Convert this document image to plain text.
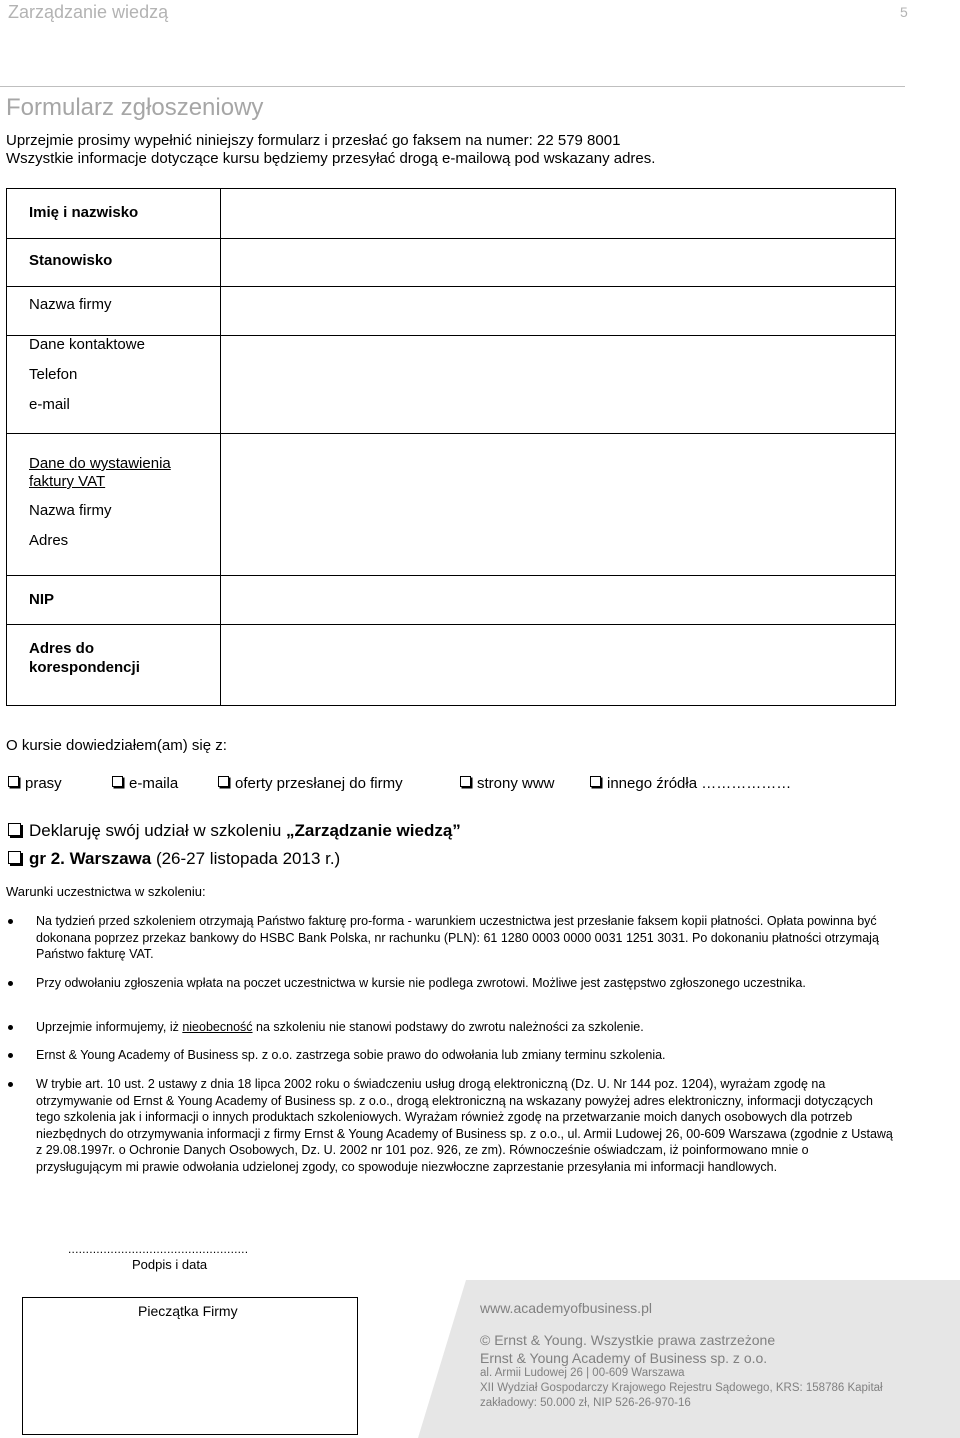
Zarządzanie wiedzą	5
Formularz zgłoszeniowy
Uprzejmie prosimy wypełnić niniejszy formularz i przesłać go faksem na numer: 22 579 8001
Wszystkie informacje dotyczące kursu będziemy przesyłać drogą e-mailową pod wskazany adres.
Imię i nazwisko
Stanowisko
Nazwa firmy
Dane kontaktowe
Telefon
e-mail
Dane do wystawienia
faktury VAT
Nazwa firmy
Adres
NIP
Adres do
korespondencji
O kursie dowiedziałem(am) się z:
prasy	e-maila	oferty przesłanej do firmy	strony www	innego źródła ………………
Deklaruję swój udział w szkoleniu „Zarządzanie wiedzą”
gr 2. Warszawa (26-27 listopada 2013 r.)
Warunki uczestnictwa w szkoleniu:
Na tydzień przed szkoleniem otrzymają Państwo fakturę pro-forma - warunkiem uczestnictwa jest przesłanie faksem kopii płatności. Opłata powinna być dokonana poprzez przekaz bankowy do HSBC Bank Polska, nr rachunku (PLN): 61 1280 0003 0000 0031 1251 3031. Po dokonaniu płatności otrzymają Państwo fakturę VAT.
Przy odwołaniu zgłoszenia wpłata na poczet uczestnictwa w kursie nie podlega zwrotowi. Możliwe jest zastępstwo zgłoszonego uczestnika.
Uprzejmie informujemy, iż nieobecność na szkoleniu nie stanowi podstawy do zwrotu należności za szkolenie.
Ernst & Young Academy of Business sp. z o.o. zastrzega sobie prawo do odwołania lub zmiany terminu szkolenia.
W trybie art. 10 ust. 2 ustawy z dnia 18 lipca 2002 roku o świadczeniu usług drogą elektroniczną (Dz. U. Nr 144 poz. 1204), wyrażam zgodę na otrzymywanie od Ernst & Young Academy of Business sp. z o.o., drogą elektroniczną na wskazany powyżej adres elektroniczny, informacji dotyczących tego szkolenia jak i informacji o innych produktach szkoleniowych. Wyrażam również zgodę na przetwarzanie moich danych osobowych dla potrzeb niezbędnych do otrzymywania informacji z firmy Ernst & Young Academy of Business sp. z o.o., ul. Armii Ludowej 26, 00-609 Warszawa (zgodnie z Ustawą z 29.08.1997r. o Ochronie Danych Osobowych, Dz. U. 2002 nr 101 poz. 926, ze zm). Równocześnie oświadczam, iż poinformowano mnie o przysługującym mi prawie odwołania udzielonej zgody, co spowoduje niezwłoczne zaprzestanie przesyłania mi informacji handlowych.
...................................................
Podpis i data
Pieczątka Firmy	www.academyofbusiness.pl
© Ernst & Young. Wszystkie prawa zastrzeżone
Ernst & Young Academy of Business sp. z o.o.
al. Armii Ludowej 26 | 00-609 Warszawa
XII Wydział Gospodarczy Krajowego Rejestru Sądowego, KRS: 158786 Kapitał
zakładowy: 50.000 zł, NIP 526-26-970-16
